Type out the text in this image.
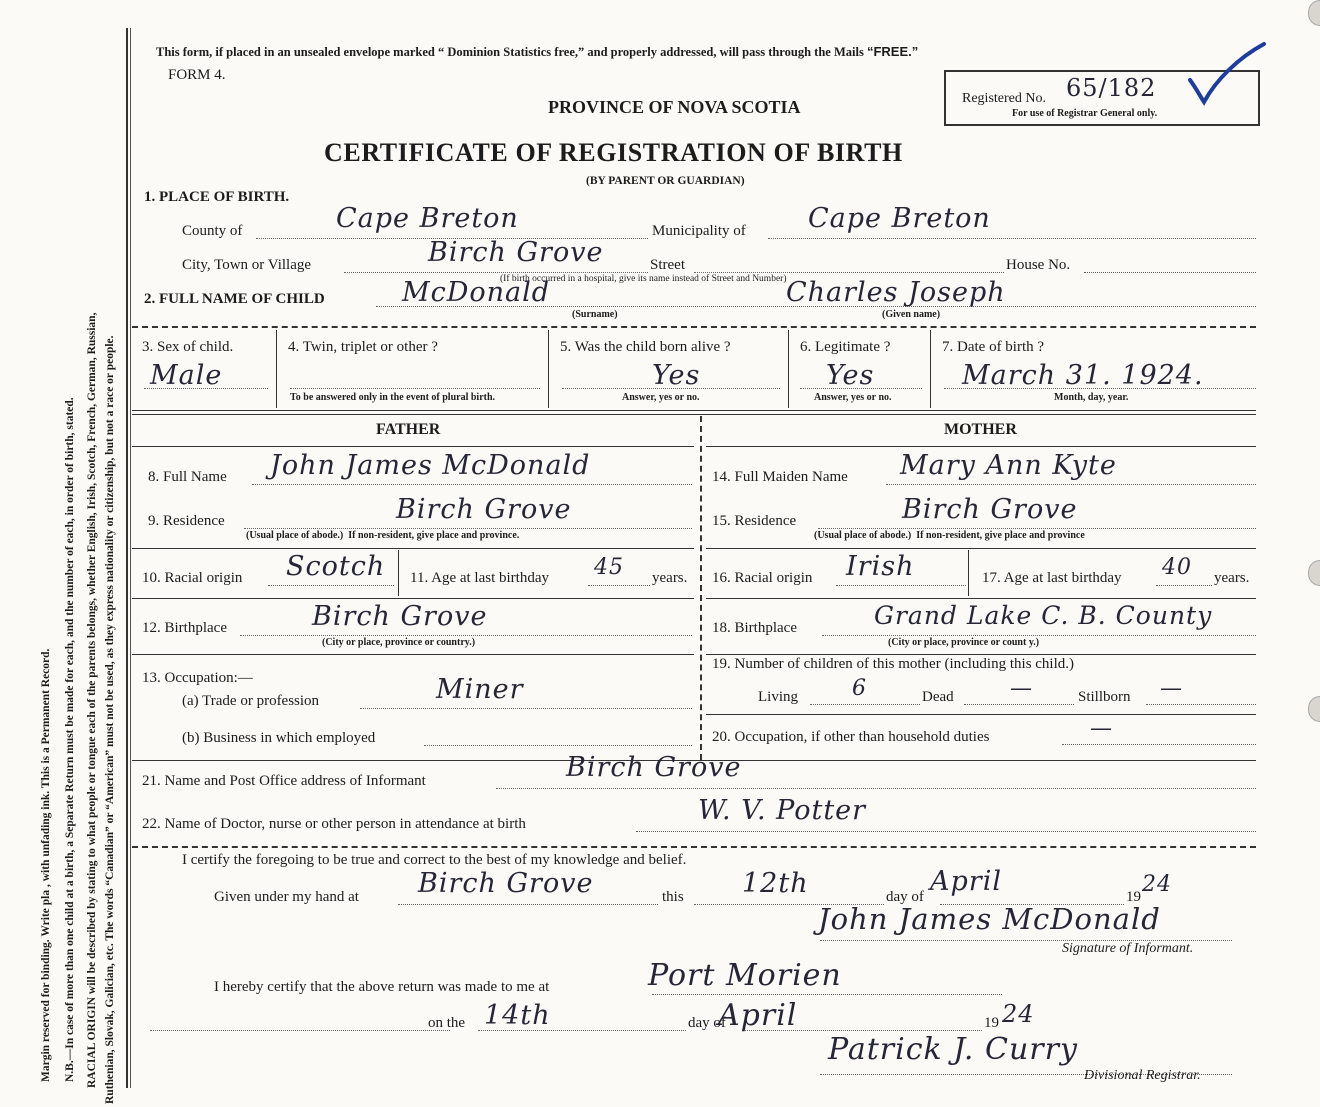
Margin reserved for binding. Write pla , with unfading ink. This is a Permanent Record. N.B.—In case of more than one child at a birth, a Separate Return must be made for each, and the number of each, in order of birth, stated. RACIAL ORIGIN will be described by stating to what people or tongue each of the parents belongs, whether English, Irish, Scotch, French, German, Russian, Ruthenian, Slovak, Galician, etc. The words “Canadian” or “American” must not be used, as they express nationality or citizenship, but not a race or people.
This form, if placed in an unsealed envelope marked “ Dominion Statistics free,” and properly addressed, will pass through the Mails “FREE.”
FORM 4.
PROVINCE OF NOVA SCOTIA
CERTIFICATE OF REGISTRATION OF BIRTH
(BY PARENT OR GUARDIAN)
Registered No. 65/182
For use of Registrar General only.
1. PLACE OF BIRTH.
County of	Cape Breton	Municipality of Cape Breton
City, Town or Village	Birch Grove	Street	House No.
(If birth occurred in a hospital, give its name instead of Street and Number)
2. FULL NAME OF CHILD	McDonald	Charles Joseph
(Surname)	(Given name)
3. Sex of child.
Male
4. Twin, triplet or other ?
To be answered only in the event of plural birth.
5. Was the child born alive ?
Yes
Answer, yes or no.
6. Legitimate ?
Yes
Answer, yes or no.
7. Date of birth ?
March 31. 1924.
Month, day, year.
FATHER	MOTHER
8. Full Name John James McDonald
9. Residence	Birch Grove
(Usual place of abode.) If non-resident, give place and province.
10. Racial origin Scotch 11. Age at last birthday 45 years.
12. Birthplace	Birch Grove
(City or place, province or country.)
13. Occupation:—
(a) Trade or profession	Miner
(b) Business in which employed
14. Full Maiden Name Mary Ann Kyte
15. Residence	Birch Grove
(Usual place of abode.) If non-resident, give place and province
16. Racial origin Irish	17. Age at last birthday 40 years.
18. Birthplace	Grand Lake C. B. County
(City or place, province or count y.)
19. Number of children of this mother (including this child.)
Living 6	Dead	—	Stillborn —
20. Occupation, if other than household duties	—
21. Name and Post Office address of Informant	Birch Grove
22. Name of Doctor, nurse or other person in attendance at birth	W. V. Potter
I certify the foregoing to be true and correct to the best of my knowledge and belief.
Given under my hand at Birch Grove	this 12th	day of April	19 24
John James McDonald
Signature of Informant.
I hereby certify that the above return was made to me at	Port Morien
on the 14th	day of
April	19 24
Patrick J. Curry
Divisional Registrar.
